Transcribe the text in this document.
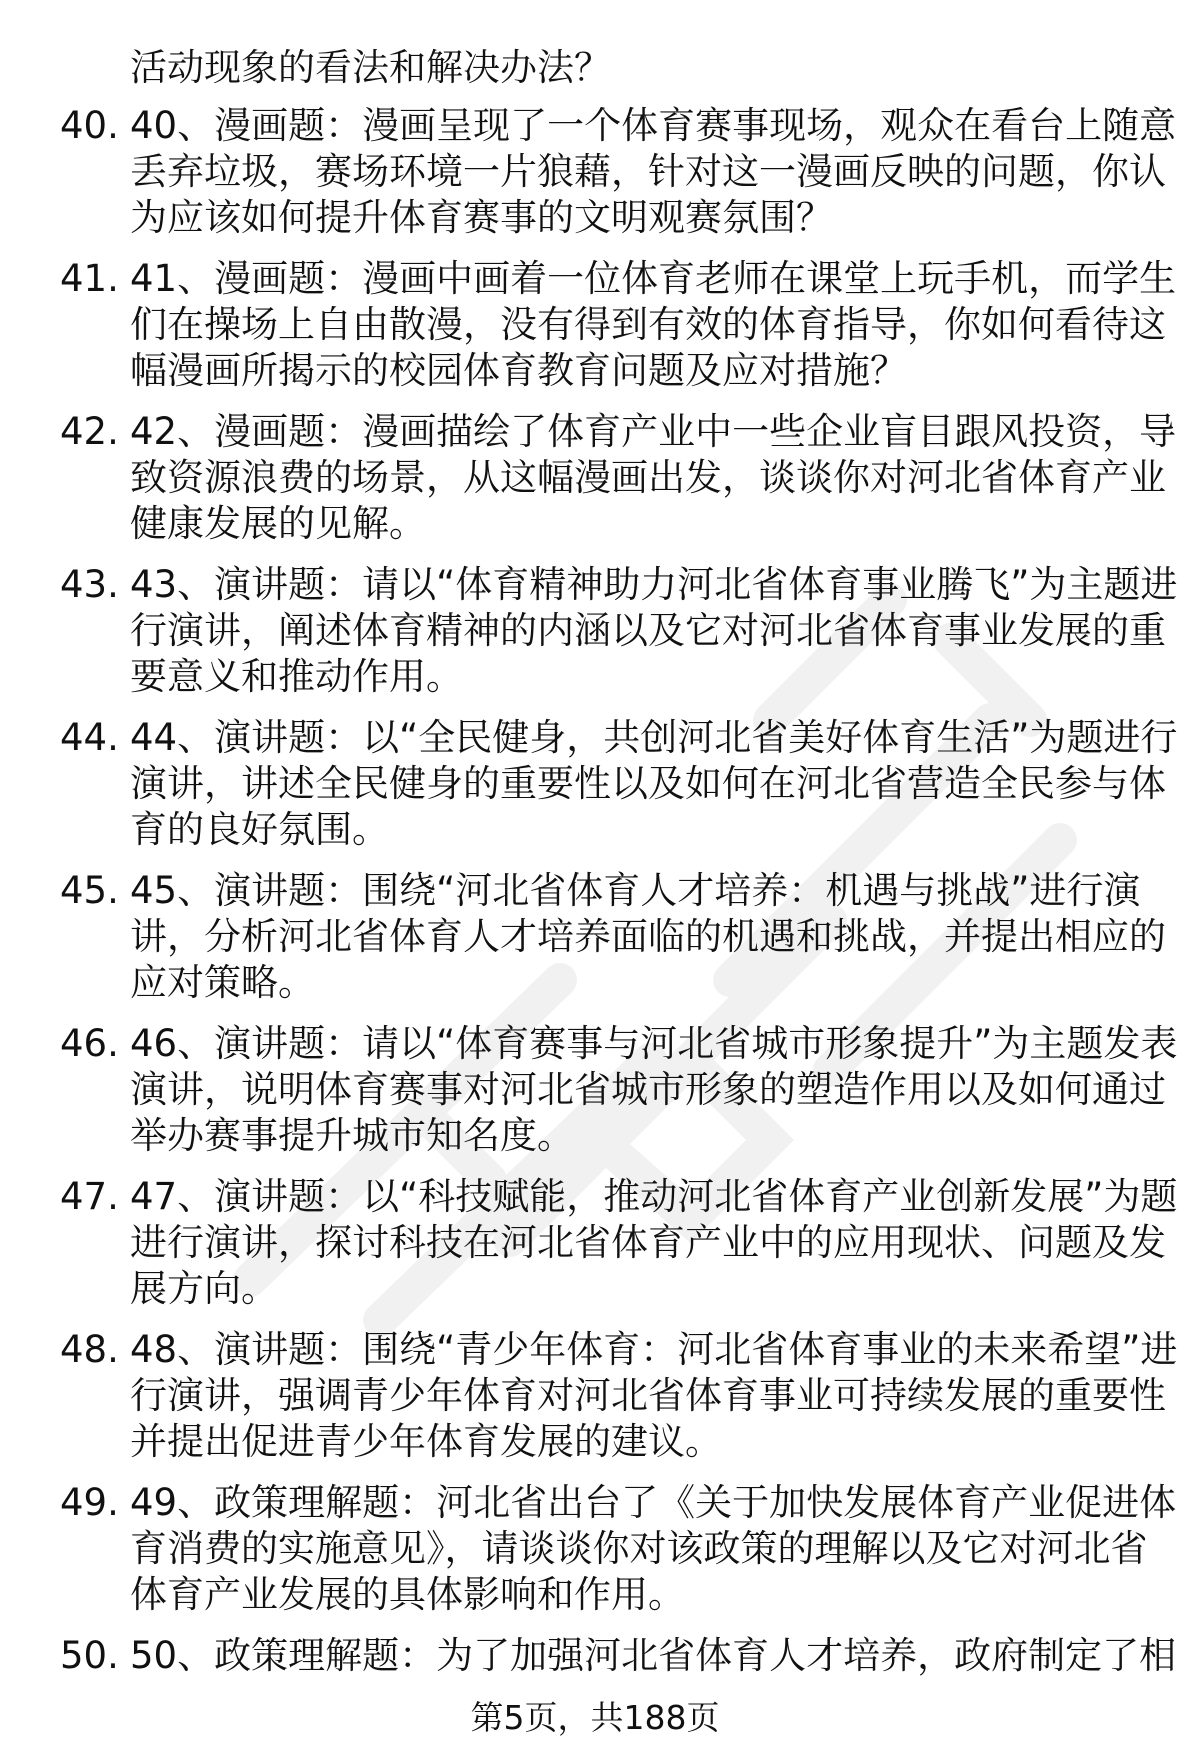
活动现象的看法和解决办法？
40. 40、漫画题：漫画呈现了一个体育赛事现场，观众在看台上随意
丢弃垃圾，赛场环境一片狼藉，针对这一漫画反映的问题，你认
为应该如何提升体育赛事的文明观赛氛围？
41. 41、漫画题：漫画中画着一位体育老师在课堂上玩手机，而学生
们在操场上自由散漫，没有得到有效的体育指导，你如何看待这
幅漫画所揭示的校园体育教育问题及应对措施？
42. 42、漫画题：漫画描绘了体育产业中一些企业盲目跟风投资，导
致资源浪费的场景，从这幅漫画出发，谈谈你对河北省体育产业
健康发展的见解。
43. 43、演讲题：请以“体育精神助力河北省体育事业腾飞”为主题进
行演讲，阐述体育精神的内涵以及它对河北省体育事业发展的重
要意义和推动作用。
44. 44、演讲题：以“全民健身，共创河北省美好体育生活”为题进行
演讲，讲述全民健身的重要性以及如何在河北省营造全民参与体
育的良好氛围。
45. 45、演讲题：围绕“河北省体育人才培养：机遇与挑战”进行演
讲，分析河北省体育人才培养面临的机遇和挑战，并提出相应的
应对策略。
46. 46、演讲题：请以“体育赛事与河北省城市形象提升”为主题发表
演讲，说明体育赛事对河北省城市形象的塑造作用以及如何通过
举办赛事提升城市知名度。
47. 47、演讲题：以“科技赋能，推动河北省体育产业创新发展”为题
进行演讲，探讨科技在河北省体育产业中的应用现状、问题及发
展方向。
48. 48、演讲题：围绕“青少年体育：河北省体育事业的未来希望”进
行演讲，强调青少年体育对河北省体育事业可持续发展的重要性
并提出促进青少年体育发展的建议。
49. 49、政策理解题：河北省出台了《关于加快发展体育产业促进体
育消费的实施意见》，请谈谈你对该政策的理解以及它对河北省
体育产业发展的具体影响和作用。
50. 50、政策理解题：为了加强河北省体育人才培养，政府制定了相
第5页，共188页
